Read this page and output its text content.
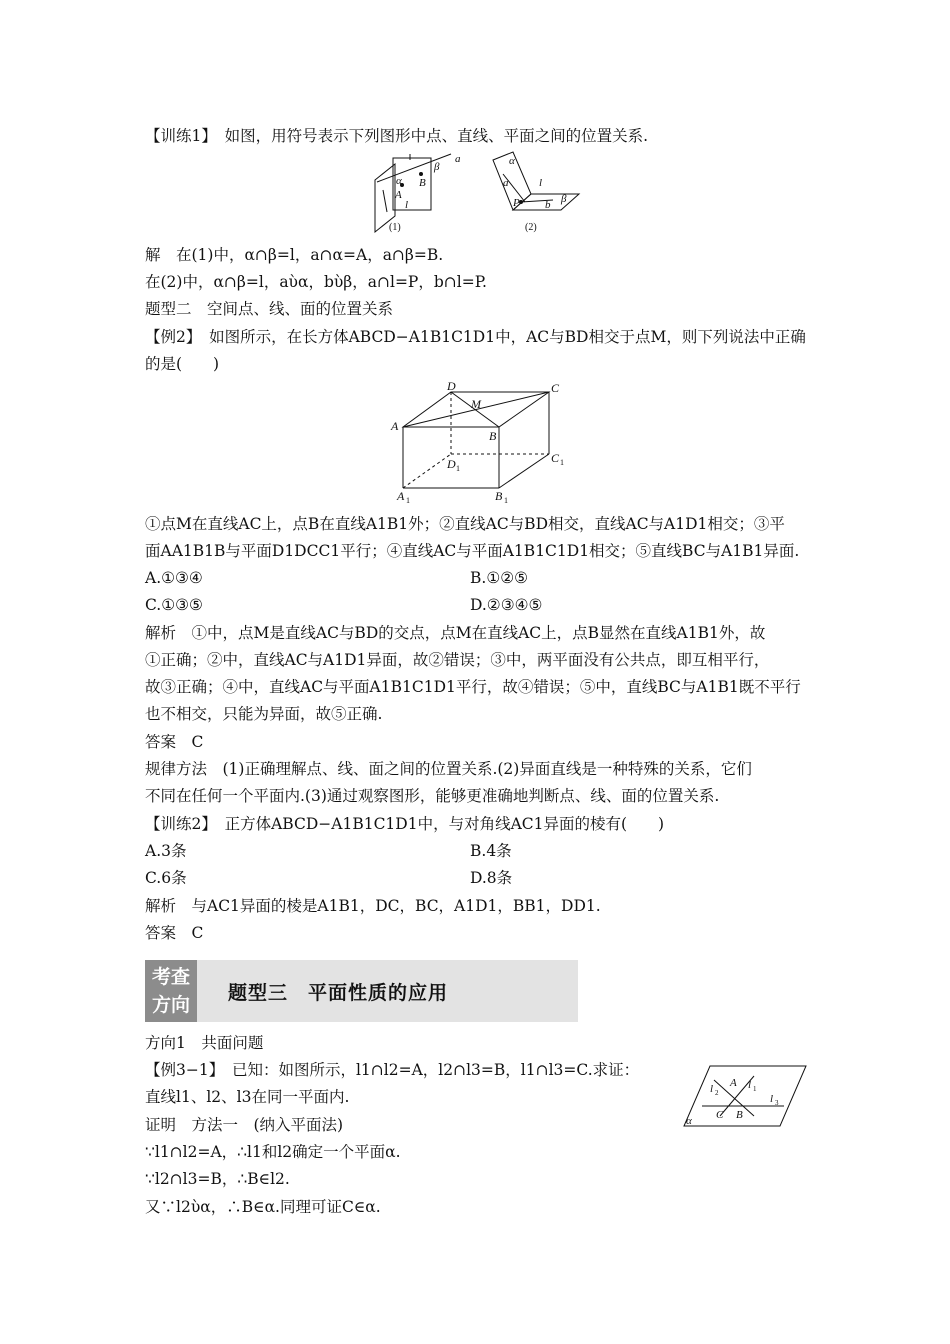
【训练1】　如图，用符号表示下列图形中点、直线、平面之间的位置关系.
α B
β
a
A
l
α
a	l
P b β
(1)	(2)
解　在(1)中，α∩β=l，a∩α=A，a∩β=B.
在(2)中，α∩β=l，aὺα，bὺβ，a∩l=P，b∩l=P.
题型二　空间点、线、面的位置关系
【例2】　如图所示，在长方体ABCD−A1B1C1D1中，AC与BD相交于点M，则下列说法中正确
的是(　　)
D	C
M
A
B
D	C
A	B
1
1
1	1
①点M在直线AC上，点B在直线A1B1外；②直线AC与BD相交，直线AC与A1D1相交；③平
面AA1B1B与平面D1DCC1平行；④直线AC与平面A1B1C1D1相交；⑤直线BC与A1B1异面.
A.①③④	B.①②⑤
C.①③⑤	D.②③④⑤
解析　①中，点M是直线AC与BD的交点，点M在直线AC上，点B显然在直线A1B1外，故
①正确；②中，直线AC与A1D1异面，故②错误；③中，两平面没有公共点，即互相平行，
故③正确；④中，直线AC与平面A1B1C1D1平行，故④错误；⑤中，直线BC与A1B1既不平行
也不相交，只能为异面，故⑤正确.
答案　C
规律方法　(1)正确理解点、线、面之间的位置关系.(2)异面直线是一种特殊的关系，它们
不同在任何一个平面内.(3)通过观察图形，能够更准确地判断点、线、面的位置关系.
【训练2】　正方体ABCD−A1B1C1D1中，与对角线AC1异面的棱有(　　)
A.3条	B.4条
C.6条	D.8条
解析　与AC1异面的棱是A1B1，DC，BC，A1D1，BB1，DD1.
答案　C
考查
方向
题型三　平面性质的应用
方向1　共面问题
【例3−1】　已知：如图所示，l1∩l2=A，l2∩l3=B，l1∩l3=C.求证：
直线l1、l2、l3在同一平面内.	l A l
l
C B
α
2	1
3
证明　方法一　(纳入平面法)
∵l1∩l2=A，∴l1和l2确定一个平面α.
∵l2∩l3=B，∴B∈l2.
又∵l2ὺα，∴B∈α.同理可证C∈α.
